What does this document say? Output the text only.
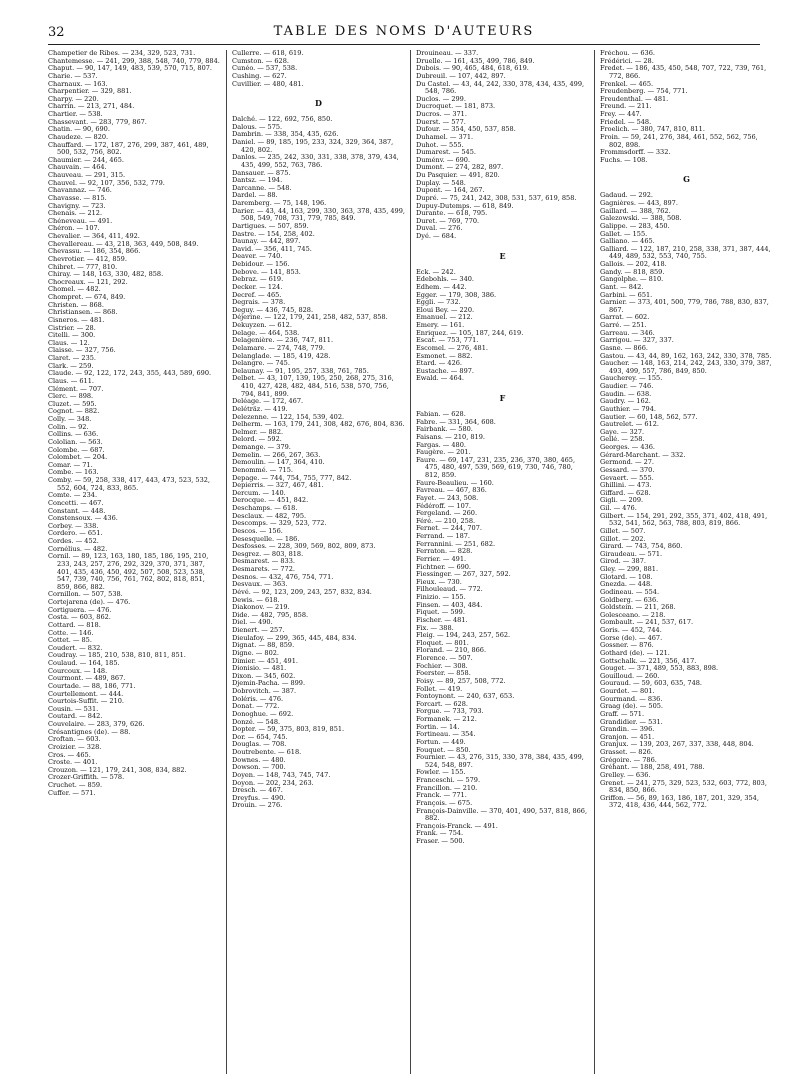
32	TABLE DES NOMS D'AUTEURS
Champetier de Ribes. — 234, 329, 523, 731.
Chantemesse. — 241, 299, 388, 548, 740, 779, 884.
Chaput. — 90, 147, 149, 483, 539, 570, 715, 807.
Charie. — 537.
Charnaux. — 163.
Charpentier. — 329, 881.
Charpy. — 220.
Charrin. — 213, 271, 484.
Chartier. — 538.
Chassevant. — 283, 779, 867.
Chatin. — 90, 690.
Chaudeze. — 820.
Chauffard. — 172, 187, 276, 299, 387, 461, 489, 500, 532, 756, 802.
Chaumier. — 244, 465.
Chauvain. — 464.
Chauveau. — 291, 315.
Chauvel. — 92, 107, 356, 532, 779.
Chavannaz. — 746.
Chavasse. — 815.
Chavigny. — 723.
Chenais. — 212.
Chéneveau. — 491.
Chéron. — 107.
Chevalier. — 364, 411, 492.
Chevallereau. — 43, 218, 363, 449, 508, 849.
Chevassu. — 186, 354, 866.
Chevrotier. — 412, 859.
Chibret. — 777, 810.
Chiray. — 148, 163, 330, 482, 858.
Chocreaux. — 121, 292.
Chomel. — 482.
Chompret. — 674, 849.
Christen. — 868.
Christiansen. — 868.
Cisneros. — 481.
Cistrier. — 28.
Citelli. — 300.
Claus. — 12.
Claisse. — 327, 756.
Claret. — 235.
Clark. — 259.
Claude. — 92, 122, 172, 243, 355, 443, 589, 690.
Claus. — 611.
Clément. — 707.
Clerc. — 898.
Cluzet. — 595.
Cognot. — 882.
Colly. — 348.
Colin. — 92.
Collins. — 636.
Cololian. — 563.
Colombe. — 687.
Colombet. — 204.
Comar. — 71.
Combe. — 163.
Comby. — 59, 258, 338, 417, 443, 473, 523, 532, 552, 604, 724, 833, 865.
Comte. — 234.
Concetti. — 467.
Constant. — 448.
Constensoux. — 436.
Corbey. — 338.
Cordero. — 651.
Cordes. — 452.
Cornélius. — 482.
Cornil. — 89, 123, 163, 180, 185, 186, 195, 210, 233, 243, 257, 276, 292, 329, 370, 371, 387, 401, 435, 436, 450, 492, 507, 508, 523, 538, 547, 739, 740, 756, 761, 762, 802, 818, 851, 859, 866, 882.
Cornillon. — 507, 538.
Cortejarena (de). — 476.
Cortiguera. — 476.
Costa. — 603, 862.
Cottard. — 818.
Cotte. — 146.
Cottet. — 85.
Coudert. — 832.
Coudray. — 185, 210, 538, 810, 811, 851.
Coulaud. — 164, 185.
Courcoux. — 148.
Courmont. — 489, 867.
Courtade. — 88, 186, 771.
Courtellemont. — 444.
Courtois-Suffit. — 210.
Cousin. — 531.
Coutard. — 842.
Couvelaire. — 283, 379, 626.
Crésantignes (de). — 88.
Croftan. — 603.
Croizier. — 328.
Cros. — 465.
Croste. — 401.
Crouzon. — 121, 179, 241, 308, 834, 882.
Crozer-Griffith. — 578.
Cruchet. — 859.
Cuffer. — 571.
Cullerre. — 618, 619.
Cumston. — 628.
Cunéo. — 537, 538.
Cushing. — 627.
Cuvillier. — 480, 481.
D
Dalché. — 122, 692, 756, 850.
Dalous. — 575.
Dambrin. — 338, 354, 435, 626.
Daniel. — 89, 185, 195, 233, 324, 329, 364, 387, 420, 802.
Danlos. — 235, 242, 330, 331, 338, 378, 379, 434, 435, 499, 552, 763, 786.
Dansauer. — 875.
Dantsz. — 194.
Darcanne. — 548.
Dardel. — 88.
Daremberg. — 75, 148, 196.
Darier. — 43, 44, 163, 299, 330, 363, 378, 435, 499, 508, 549, 708, 731, 779, 785, 849.
Dartigues. — 507, 859.
Dastre. — 154, 258, 402.
Daunay. — 442, 897.
David. — 356, 411, 745.
Deaver. — 740.
Debidour. — 156.
Debove. — 141, 853.
Debraz. — 619.
Decker. — 124.
Decref. — 465.
Degrais. — 378.
Deguy. — 436, 745, 828.
Déjerine. — 122, 179, 241, 258, 482, 537, 858.
Dekuyzen. — 612.
Delage. — 464, 538.
Delagenière. — 236, 747, 811.
Delamare. — 274, 748, 779.
Delanglade. — 185, 419, 428.
Delangre. — 745.
Delaunay. — 91, 195, 257, 338, 761, 785.
Delbet. — 43, 107, 139, 195, 250, 268, 275, 316, 410, 427, 428, 482, 484, 516, 538, 570, 756, 794, 841, 899.
Deléage. — 172, 467.
Deléträz. — 419.
Delezenne. — 122, 154, 539, 402.
Delherm. — 163, 179, 241, 308, 482, 676, 804, 836.
Delmer. — 882.
Delord. — 592.
Demange. — 379.
Demelin. — 266, 267, 363.
Demoulin. — 147, 364, 410.
Denommé. — 715.
Depage. — 744, 754, 755, 777, 842.
Depierris. — 327, 467, 481.
Dercum. — 140.
Derocque. — 451, 842.
Deschamps. — 618.
Desclaux. — 482, 795.
Descomps. — 329, 523, 772.
Descos. — 156.
Desesquelle. — 186.
Desfosses. — 228, 309, 569, 802, 809, 873.
Desgrez. — 803, 818.
Desmarest. — 833.
Desmarets. — 772.
Desnos. — 432, 476, 754, 771.
Desvaux. — 363.
Dévé. — 92, 123, 209, 243, 257, 832, 834.
Dewis. — 618.
Diakonov. — 219.
Dide. — 482, 795, 858.
Diel. — 490.
Dienert. — 257.
Dieulafoy. — 299, 365, 445, 484, 834.
Dignat. — 88, 859.
Digne. — 802.
Dimier. — 451, 491.
Dionisio. — 481.
Dixon. — 345, 602.
Djemin-Pacha. — 899.
Dobrovitch. — 387.
Doléris. — 476.
Donat. — 772.
Donoghue. — 692.
Donzé. — 548.
Dopter. — 59, 375, 803, 819, 851.
Dor. — 654, 745.
Douglas. — 708.
Doutrebente. — 618.
Downes. — 480.
Dowson. — 700.
Doyen. — 148, 743, 745, 747.
Doyon. — 202, 234, 263.
Dresch. — 467.
Dreyfus. — 490.
Drouin. — 276.
Drouineau. — 337.
Druelle. — 161, 435, 499, 786, 849.
Dubois. — 90, 465, 484, 618, 619.
Dubreuil. — 107, 442, 897.
Du Castel. — 43, 44, 242, 330, 378, 434, 435, 499, 548, 786.
Duclos. — 299.
Ducroquet. — 181, 873.
Ducros. — 371.
Duerst. — 577.
Dufour. — 354, 450, 537, 858.
Duhamel. — 371.
Duhot. — 555.
Dumarest. — 545.
Duménv. — 690.
Dumont. — 274, 282, 897.
Du Pasquier. — 491, 820.
Duplay. — 548.
Dupont. — 164, 267.
Dupré. — 75, 241, 242, 308, 531, 537, 619, 858.
Dupuy-Dutemps. — 618, 849.
Durante. — 618, 795.
Duret. — 769, 770.
Duval. — 276.
Dyé. — 684.
E
Eck. — 242.
Edebohls. — 340.
Edhem. — 442.
Egger. — 179, 308, 386.
Eggli. — 732.
Eloui Bey. — 220.
Emanuel. — 212.
Emery. — 161.
Enriquez. — 105, 187, 244, 619.
Escat. — 753, 771.
Escomel. — 276, 481.
Esmonet. — 882.
Etard. — 426.
Eustache. — 897.
Ewald. — 464.
F
Fabian. — 628.
Fabre. — 331, 364, 608.
Fairbank. — 580.
Faisans. — 210, 819.
Fargas. — 480.
Faugère. — 201.
Faure. — 69, 147, 231, 235, 236, 370, 380, 465, 475, 480, 497, 539, 569, 619, 730, 746, 780, 812, 859.
Faure-Beaulieu. — 160.
Favreau. — 467, 836.
Fayet. — 243, 508.
Fédéroff. — 107.
Fergeland. — 260.
Féré. — 210, 258.
Fernet. — 244, 707.
Ferrand. — 187.
Ferrannini. — 251, 682.
Ferraton. — 828.
Ferrier. — 491.
Fichtner. — 690.
Fiessinger. — 267, 327, 592.
Fieux. — 730.
Filhouleaud. — 772.
Finizio. — 155.
Finsen. — 403, 484.
Fiquet. — 599.
Fischer. — 481.
Fix. — 388.
Fleig. — 194, 243, 257, 562.
Floquet. — 801.
Florand. — 210, 866.
Florence. — 507.
Fochier. — 308.
Foerster. — 858.
Foisy. — 89, 257, 508, 772.
Follet. — 419.
Fontoynont. — 240, 637, 653.
Forcart. — 628.
Forgue. — 733, 793.
Formanek. — 212.
Fortin. — 14.
Fortineau. — 354.
Fortun. — 449.
Fouquet. — 850.
Fournier. — 43, 276, 315, 330, 378, 384, 435, 499, 524, 548, 897.
Fowler. — 155.
Franceschi. — 579.
Francillon. — 210.
Franck. — 771.
François. — 675.
François-Dainville. — 370, 401, 490, 537, 818, 866, 882.
François-Franck. — 491.
Frank. — 754.
Fraser. — 500.
Fréchou. — 636.
Frédérici. — 28.
Fredet. — 186, 435, 450, 548, 707, 722, 739, 761, 772, 866.
Frenkel. — 465.
Freudenberg. — 754, 771.
Freudenthal. — 481.
Freund. — 211.
Frey. — 447.
Friedel. — 548.
Froelich. — 380, 747, 810, 811.
Froin. — 59, 241, 276, 384, 461, 552, 562, 756, 802, 898.
Frommsdorff. — 332.
Fuchs. — 108.
G
Gadaud. — 292.
Gagnières. — 443, 897.
Gaillard. — 388, 762.
Galezowski. — 388, 508.
Galippe. — 283, 450.
Gallet. — 155.
Galliano. — 465.
Galliard. — 122, 187, 210, 258, 338, 371, 387, 444, 449, 489, 532, 553, 740, 755.
Gallois. — 202, 418.
Gandy. — 818, 859.
Gangolphe. — 810.
Gant. — 842.
Garbini. — 651.
Garnier. — 373, 401, 500, 779, 786, 788, 830, 837, 867.
Garrat. — 602.
Garré. — 251.
Garreau. — 346.
Garrigou. — 327, 337.
Gasne. — 866.
Gastou. — 43, 44, 89, 162, 163, 242, 330, 378, 785.
Gaucher. — 148, 163, 214, 242, 243, 330, 379, 387, 493, 499, 557, 786, 849, 850.
Gaucherey. — 155.
Gaudier. — 746.
Gaudin. — 638.
Gaudry. — 162.
Gauthier. — 794.
Gautier. — 60, 148, 562, 577.
Gautrelet. — 612.
Gaye. — 327.
Gellé. — 258.
Georges. — 436.
Gérard-Marchant. — 332.
Germond. — 27.
Gessard. — 370.
Gevaert. — 555.
Ghillini. — 473.
Giffard. — 628.
Gigli. — 209.
Gil. — 476.
Gilbert. — 154, 291, 292, 355, 371, 402, 418, 491, 532, 541, 562, 563, 788, 803, 819, 866.
Gillet. — 507.
Gillot. — 202.
Girard. — 743, 754, 860.
Giraudeau. — 571.
Girod. — 387.
Gley. — 299, 881.
Glotard. — 108.
Gnezda. — 448.
Godineau. — 554.
Goldberg. — 636.
Goldstein. — 211, 268.
Golesceano. — 218.
Gombault. — 241, 537, 617.
Goris. — 452, 744.
Gorse (de). — 467.
Gossner. — 876.
Gothard (de). — 121.
Gottschalk. — 221, 356, 417.
Gouget. — 371, 489, 553, 883, 898.
Gouilloud. — 260.
Gouraud. — 59, 603, 635, 748.
Gourdet. — 801.
Gourmand. — 836.
Graag (de). — 505.
Graff. — 571.
Grandidier. — 531.
Grandin. — 396.
Granjon. — 451.
Granjux. — 139, 203, 267, 337, 338, 448, 804.
Grasset. — 826.
Grégoire. — 786.
Gréhant. — 188, 258, 491, 788.
Grelley. — 636.
Grenet. — 241, 275, 329, 523, 532, 603, 772, 803, 834, 850, 866.
Griffon. — 56, 89, 163, 186, 187, 201, 329, 354, 372, 418, 436, 444, 562, 772.
